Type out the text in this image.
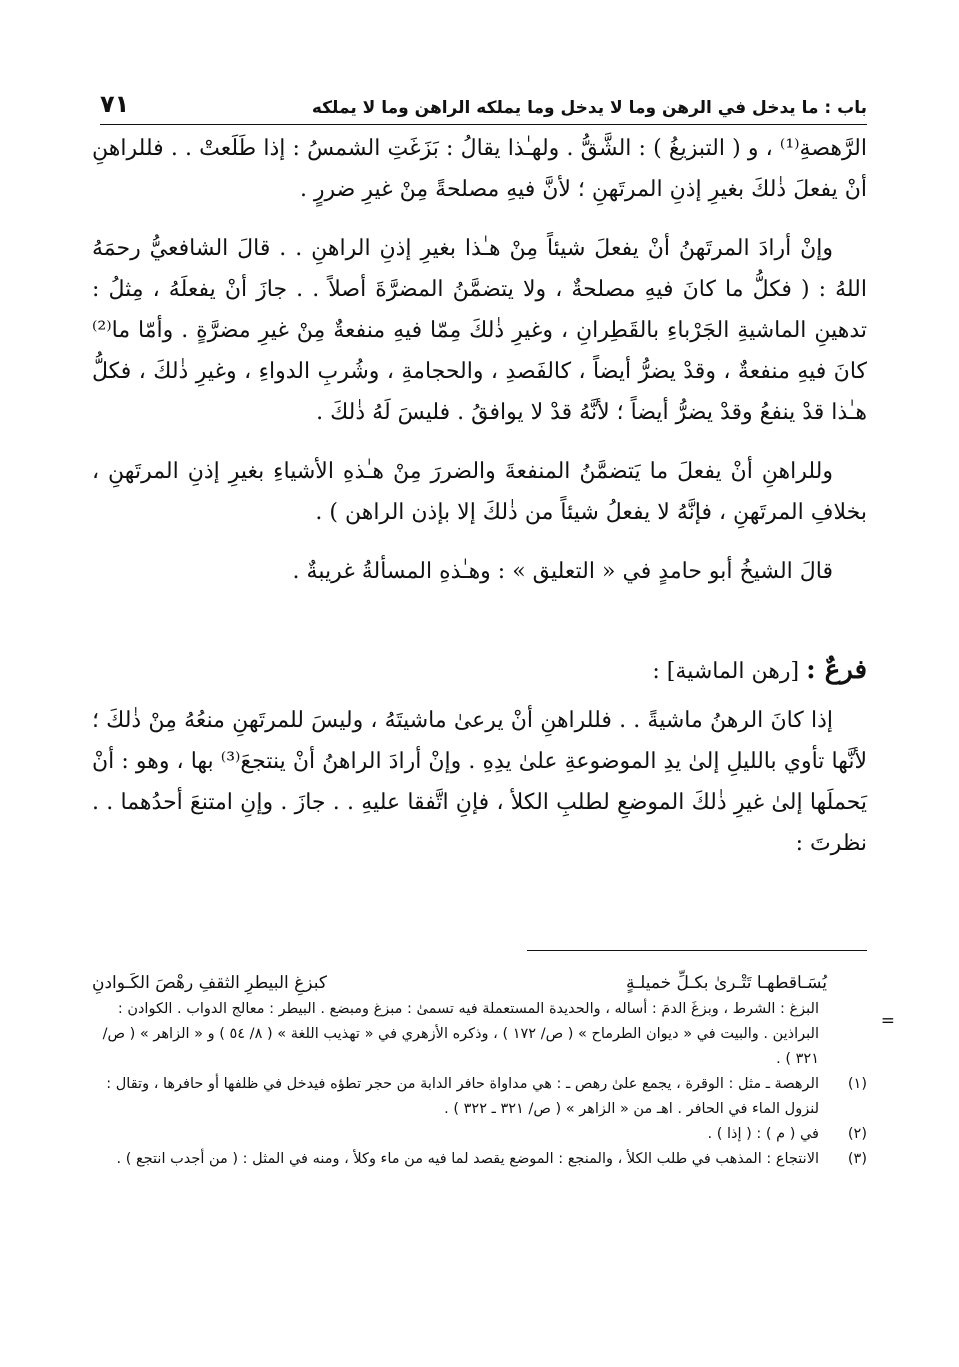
باب : ما يدخل في الرهن وما لا يدخل وما يملكه الراهن وما لا يملكه
٧١

الرَّهصةِ⁽¹⁾ ، و ( التبزيغُ ) : الشَّقُّ . ولهـٰذا يقالُ : بَزَغَتِ الشمسُ : إذا طَلَعتْ . . فللراهنِ أنْ يفعلَ ذٰلكَ بغيرِ إذنِ المرتَهنِ ؛ لأنَّ فيهِ مصلحةً مِنْ غيرِ ضررٍ .

وإنْ أرادَ المرتَهنُ أنْ يفعلَ شيئاً مِنْ هـٰذا بغيرِ إذنِ الراهنِ . . قالَ الشافعيُّ رحمَهُ اللهُ : ( فكلُّ ما كانَ فيهِ مصلحةٌ ، ولا يتضمَّنُ المضرَّةَ أصلاً . . جازَ أنْ يفعلَهُ ، مِثلُ : تدهينِ الماشيةِ الجَرْباءِ بالقَطِرانِ ، وغيرِ ذٰلكَ مِمّا فيهِ منفعةٌ مِنْ غيرِ مضرَّةٍ . وأمّا ما⁽²⁾ كانَ فيهِ منفعةٌ ، وقدْ يضرُّ أيضاً ، كالفَصدِ ، والحجامةِ ، وشُربِ الدواءِ ، وغيرِ ذٰلكَ ، فكلُّ هـٰذا قدْ ينفعُ وقدْ يضرُّ أيضاً ؛ لأنَّهُ قدْ لا يوافقُ . فليسَ لَهُ ذٰلكَ .

وللراهنِ أنْ يفعلَ ما يَتضمَّنُ المنفعةَ والضررَ مِنْ هـٰذهِ الأشياءِ بغيرِ إذنِ المرتَهنِ ، بخلافِ المرتَهنِ ، فإنَّهُ لا يفعلُ شيئاً من ذٰلكَ إلا بإذن الراهن ) .

قالَ الشيخُ أبو حامدٍ في « التعليق » : وهـٰذهِ المسألةُ غريبةٌ .

فرعٌ : [رهن الماشية] :

إذا كانَ الرهنُ ماشيةً . . فللراهنِ أنْ يرعىٰ ماشيتَهُ ، وليسَ للمرتَهنِ منعُهُ مِنْ ذٰلكَ ؛ لأنَّها تأوي بالليلِ إلىٰ يدِ الموضوعةِ علىٰ يدِهِ . وإنْ أرادَ الراهنُ أنْ ينتجعَ⁽³⁾ بها ، وهو : أنْ يَحملَها إلىٰ غيرِ ذٰلكَ الموضعِ لطلبِ الكلأ ، فإنِ اتَّفقا عليهِ . . جازَ . وإنِ امتنعَ أحدُهما . . نظرتَ :

=
يُسَـاقطهـا تَتْـرىٰ بكـلِّ خميلـةٍ
كبزغِ البيطرِ الثقفِ رهْصَ الكَـوادنِ
البزغ : الشرط ، وبزغَ الدمَ : أساله ، والحديدة المستعملة فيه تسمىٰ : مبزغ ومبضع . البيطر : معالج الدواب . الكوادن : البراذين . والبيت في « ديوان الطرماح » ( ص/ ١٧٢ ) ، وذكره الأزهري في « تهذيب اللغة » ( ٨/ ٥٤ ) و « الزاهر » ( ص/ ٣٢١ ) .
(١)
الرهصة ـ مثل : الوقرة ، يجمع علىٰ رهص ـ : هي مداواة حافر الدابة من حجر تطؤه فيدخل في ظلفها أو حافرها ، وتقال : لنزول الماء في الحافر . اهـ من « الزاهر » ( ص/ ٣٢١ ـ ٣٢٢ ) .
(٢)
في ( م ) : ( إذا ) .
(٣)
الانتجاع : المذهب في طلب الكلأ ، والمنجع : الموضع يقصد لما فيه من ماء وكلأ ، ومنه في المثل : ( من أجدب انتجع ) .
